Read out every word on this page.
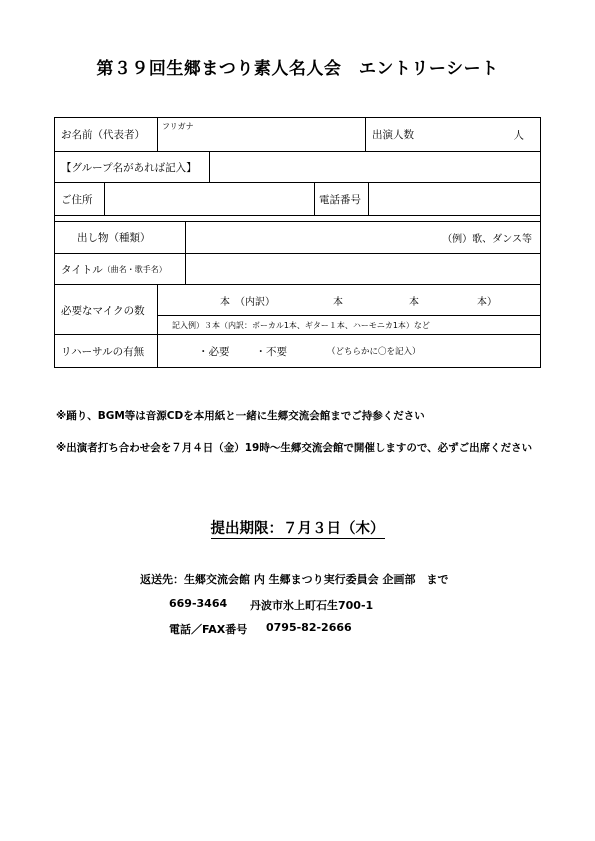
第３９回生郷まつり素人名人会　エントリーシート
お名前（代表者）
フリガナ
出演人数	人
【グループ名があれば記入】
ご住所	電話番号
出し物（種類）	（例）歌、ダンス等
タイトル （曲名・歌手名）
必要なマイクの数
本　（内訳）	本	本	本）
記入例）３本（内訳：ボーカル1本、ギター１本、ハーモニカ1本）など
リハーサルの有無	・必要 ・不要	（どちらかに〇を記入）
※踊り、BGM等は音源CDを本用紙と一緒に生郷交流会館までご持参ください
※出演者打ち合わせ会を７月４日（金）19時～生郷交流会館で開催しますので、必ずご出席ください
提出期限：７月３日（木）
返送先：生郷交流会館 内 生郷まつり実行委員会 企画部　まで
669-3464 丹波市氷上町石生700-1
電話／FAX番号 0795-82-2666
